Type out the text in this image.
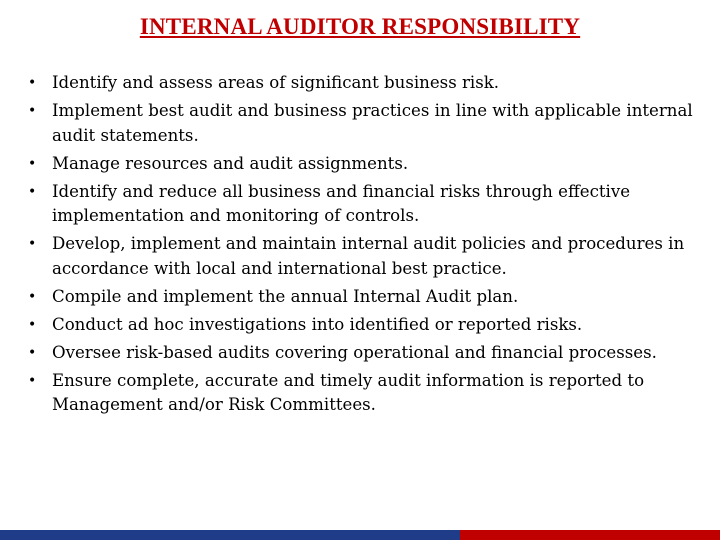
INTERNAL AUDITOR RESPONSIBILITY
• Identify and assess areas of significant business risk.
• Implement best audit and business practices in line with applicable internal audit statements.
• Manage resources and audit assignments.
• Identify and reduce all business and financial risks through effective implementation and monitoring of controls.
• Develop, implement and maintain internal audit policies and procedures in accordance with local and international best practice.
• Compile and implement the annual Internal Audit plan.
• Conduct ad hoc investigations into identified or reported risks.
• Oversee risk-based audits covering operational and financial processes.
• Ensure complete, accurate and timely audit information is reported to Management and/or Risk Committees.
